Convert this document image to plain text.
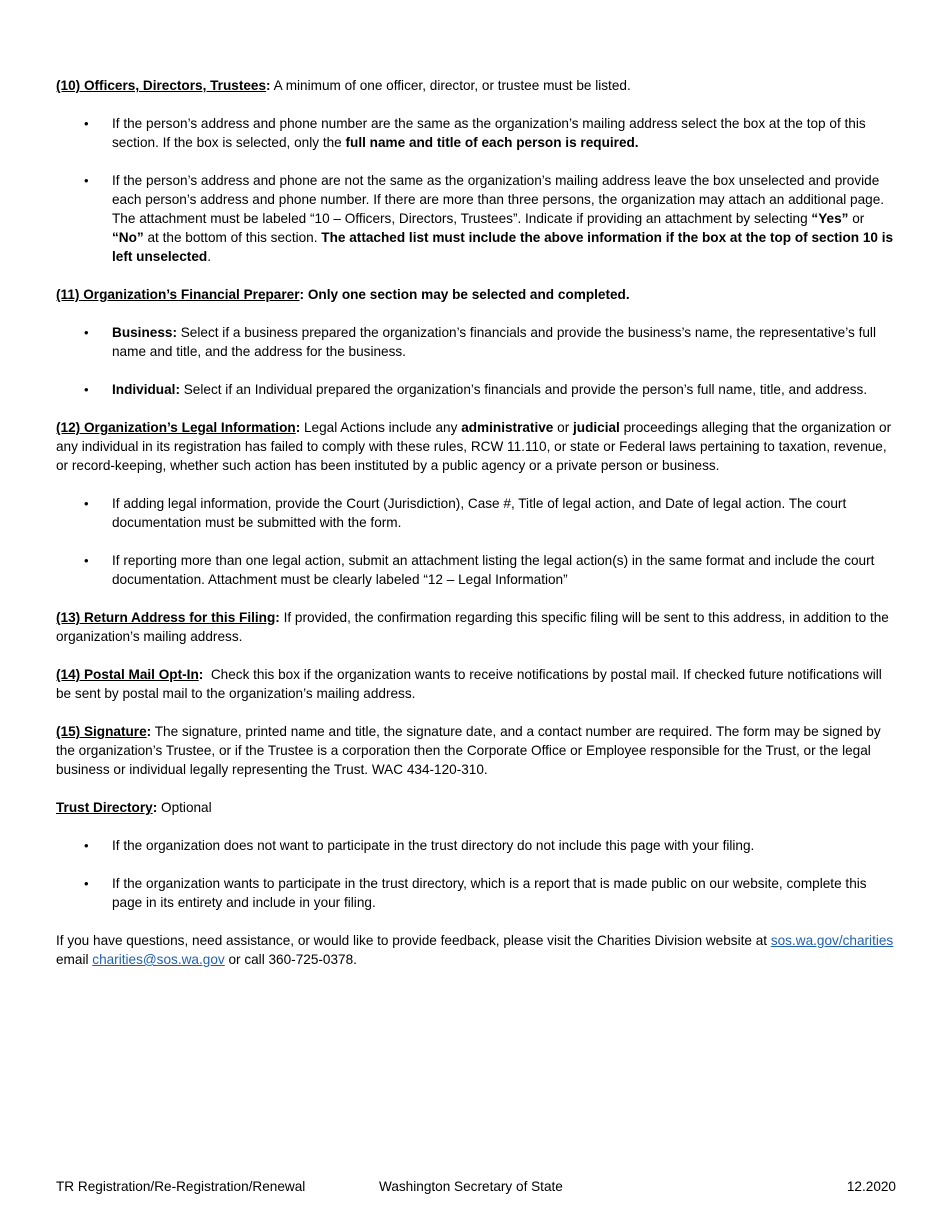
(10) Officers, Directors, Trustees: A minimum of one officer, director, or trustee must be listed.

• If the person’s address and phone number are the same as the organization’s mailing address select the box at the top of this section. If the box is selected, only the full name and title of each person is required.
• If the person’s address and phone are not the same as the organization’s mailing address leave the box unselected and provide each person’s address and phone number. If there are more than three persons, the organization may attach an additional page. The attachment must be labeled “10 – Officers, Directors, Trustees”. Indicate if providing an attachment by selecting “Yes” or “No” at the bottom of this section. The attached list must include the above information if the box at the top of section 10 is left unselected.

(11) Organization’s Financial Preparer: Only one section may be selected and completed.

• Business: Select if a business prepared the organization’s financials and provide the business’s name, the representative’s full name and title, and the address for the business.
• Individual: Select if an Individual prepared the organization’s financials and provide the person’s full name, title, and address.

(12) Organization’s Legal Information: Legal Actions include any administrative or judicial proceedings alleging that the organization or any individual in its registration has failed to comply with these rules, RCW 11.110, or state or Federal laws pertaining to taxation, revenue, or record-keeping, whether such action has been instituted by a public agency or a private person or business.

• If adding legal information, provide the Court (Jurisdiction), Case #, Title of legal action, and Date of legal action. The court documentation must be submitted with the form.
• If reporting more than one legal action, submit an attachment listing the legal action(s) in the same format and include the court documentation. Attachment must be clearly labeled “12 – Legal Information”

(13) Return Address for this Filing: If provided, the confirmation regarding this specific filing will be sent to this address, in addition to the organization’s mailing address.

(14) Postal Mail Opt-In:  Check this box if the organization wants to receive notifications by postal mail. If checked future notifications will be sent by postal mail to the organization’s mailing address.

(15) Signature: The signature, printed name and title, the signature date, and a contact number are required. The form may be signed by the organization’s Trustee, or if the Trustee is a corporation then the Corporate Office or Employee responsible for the Trust, or the legal business or individual legally representing the Trust. WAC 434-120-310.

Trust Directory: Optional

• If the organization does not want to participate in the trust directory do not include this page with your filing.
• If the organization wants to participate in the trust directory, which is a report that is made public on our website, complete this page in its entirety and include in your filing.

If you have questions, need assistance, or would like to provide feedback, please visit the Charities Division website at sos.wa.gov/charities email charities@sos.wa.gov or call 360-725-0378.

TR Registration/Re-Registration/Renewal	Washington Secretary of State	12.2020
